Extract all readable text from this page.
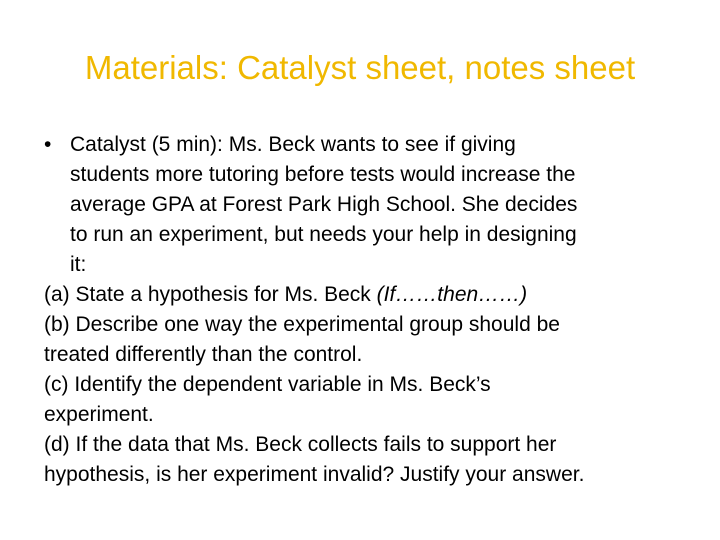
Materials: Catalyst sheet, notes sheet
• Catalyst (5 min): Ms. Beck wants to see if giving
students more tutoring before tests would increase the
average GPA at Forest Park High School. She decides
to run an experiment, but needs your help in designing
it:
(a) State a hypothesis for Ms. Beck (If……then……)
(b) Describe one way the experimental group should be
treated differently than the control.
(c) Identify the dependent variable in Ms. Beck’s
experiment.
(d) If the data that Ms. Beck collects fails to support her
hypothesis, is her experiment invalid? Justify your answer.
